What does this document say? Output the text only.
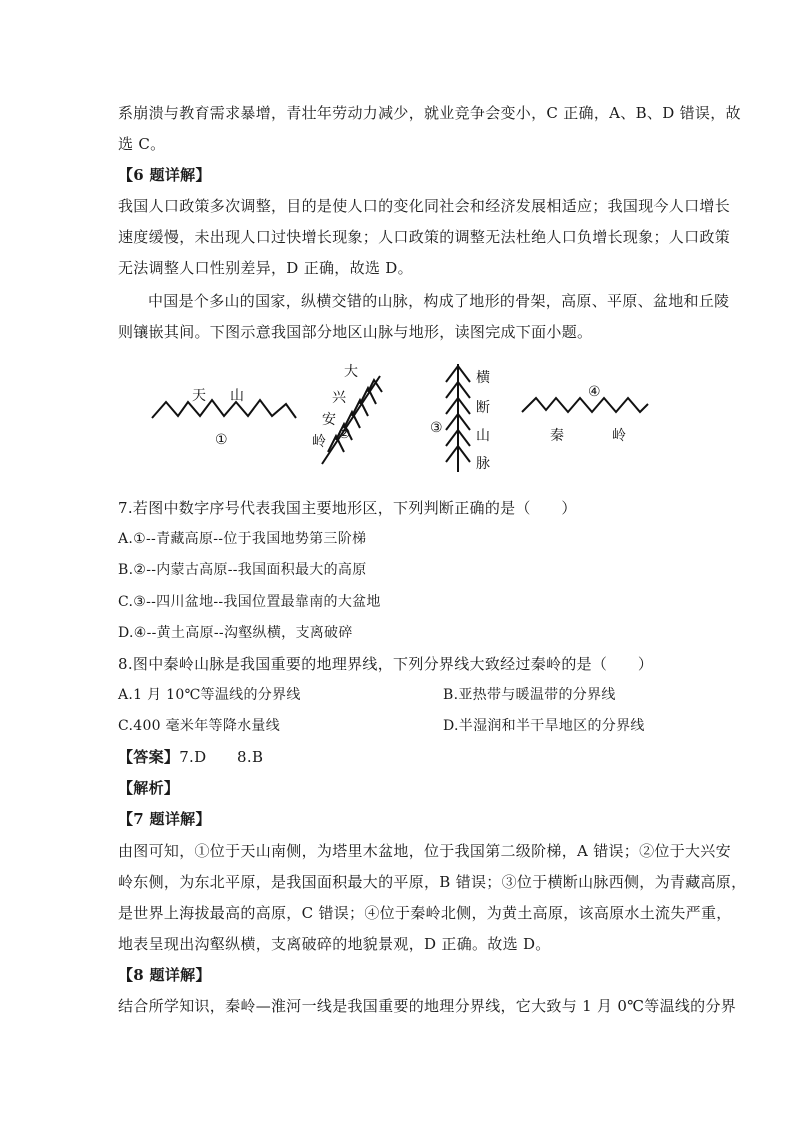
系崩溃与教育需求暴增，青壮年劳动力减少，就业竞争会变小，C 正确，A、B、D 错误，故
选 C。
【6 题详解】
我国人口政策多次调整，目的是使人口的变化同社会和经济发展相适应；我国现今人口增长
速度缓慢，未出现人口过快增长现象；人口政策的调整无法杜绝人口负增长现象；人口政策
无法调整人口性别差异，D 正确，故选 D。
中国是个多山的国家，纵横交错的山脉，构成了地形的骨架，高原、平原、盆地和丘陵
则镶嵌其间。下图示意我国部分地区山脉与地形，读图完成下面小题。
天 山
①
大
兴
安
岭 ②
横
断
山
脉
③
④
秦	岭
7.若图中数字序号代表我国主要地形区，下列判断正确的是（　　）
A.①--青藏高原--位于我国地势第三阶梯
B.②--内蒙古高原--我国面积最大的高原
C.③--四川盆地--我国位置最靠南的大盆地
D.④--黄土高原--沟壑纵横，支离破碎
8.图中秦岭山脉是我国重要的地理界线，下列分界线大致经过秦岭的是（　　）
A.1 月 10℃等温线的分界线	B.亚热带与暖温带的分界线
C.400 毫米年等降水量线	D.半湿润和半干旱地区的分界线
【答案】7.D　　8.B
【解析】
【7 题详解】
由图可知，①位于天山南侧，为塔里木盆地，位于我国第二级阶梯，A 错误；②位于大兴安
岭东侧，为东北平原，是我国面积最大的平原，B 错误；③位于横断山脉西侧，为青藏高原，
是世界上海拔最高的高原，C 错误；④位于秦岭北侧，为黄土高原，该高原水土流失严重，
地表呈现出沟壑纵横，支离破碎的地貌景观，D 正确。故选 D。
【8 题详解】
结合所学知识，秦岭—淮河一线是我国重要的地理分界线，它大致与 1 月 0℃等温线的分界
